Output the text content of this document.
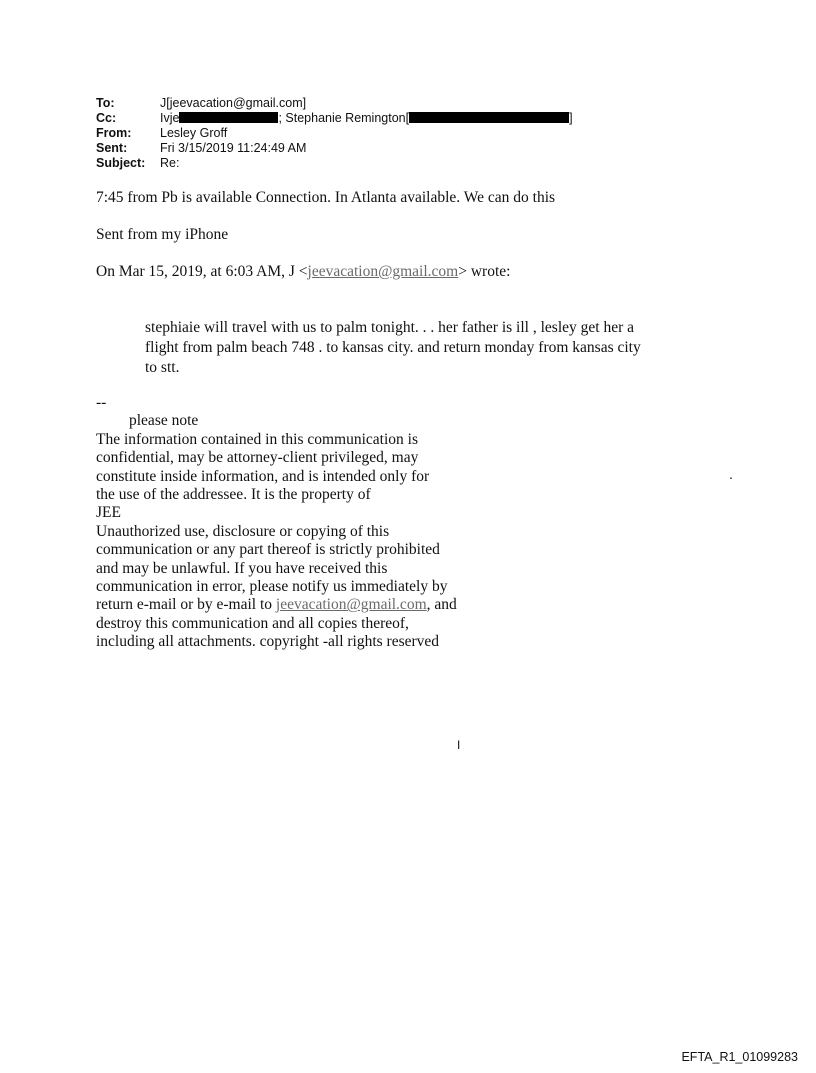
To:	J[jeevacation@gmail.com]
Cc:	Ivje	; Stephanie Remington[	]
From:	Lesley Groff
Sent:	Fri 3/15/2019 11:24:49 AM
Subject:	Re:
7:45 from Pb is available Connection. In Atlanta available. We can do this
Sent from my iPhone
On Mar 15, 2019, at 6:03 AM, J <jeevacation@gmail.com> wrote:
stephiaie will travel with us to palm tonight. . . her father is ill , lesley get her a
flight from palm beach 748 . to kansas city. and return monday from kansas city
to stt.
--
please note
The information contained in this communication is
confidential, may be attorney-client privileged, may
constitute inside information, and is intended only for
the use of the addressee. It is the property of
JEE
Unauthorized use, disclosure or copying of this
communication or any part thereof is strictly prohibited
and may be unlawful. If you have received this
communication in error, please notify us immediately by
return e-mail or by e-mail to jeevacation@gmail.com, and
destroy this communication and all copies thereof,
including all attachments. copyright -all rights reserved
.
I
EFTA_R1_01099283
